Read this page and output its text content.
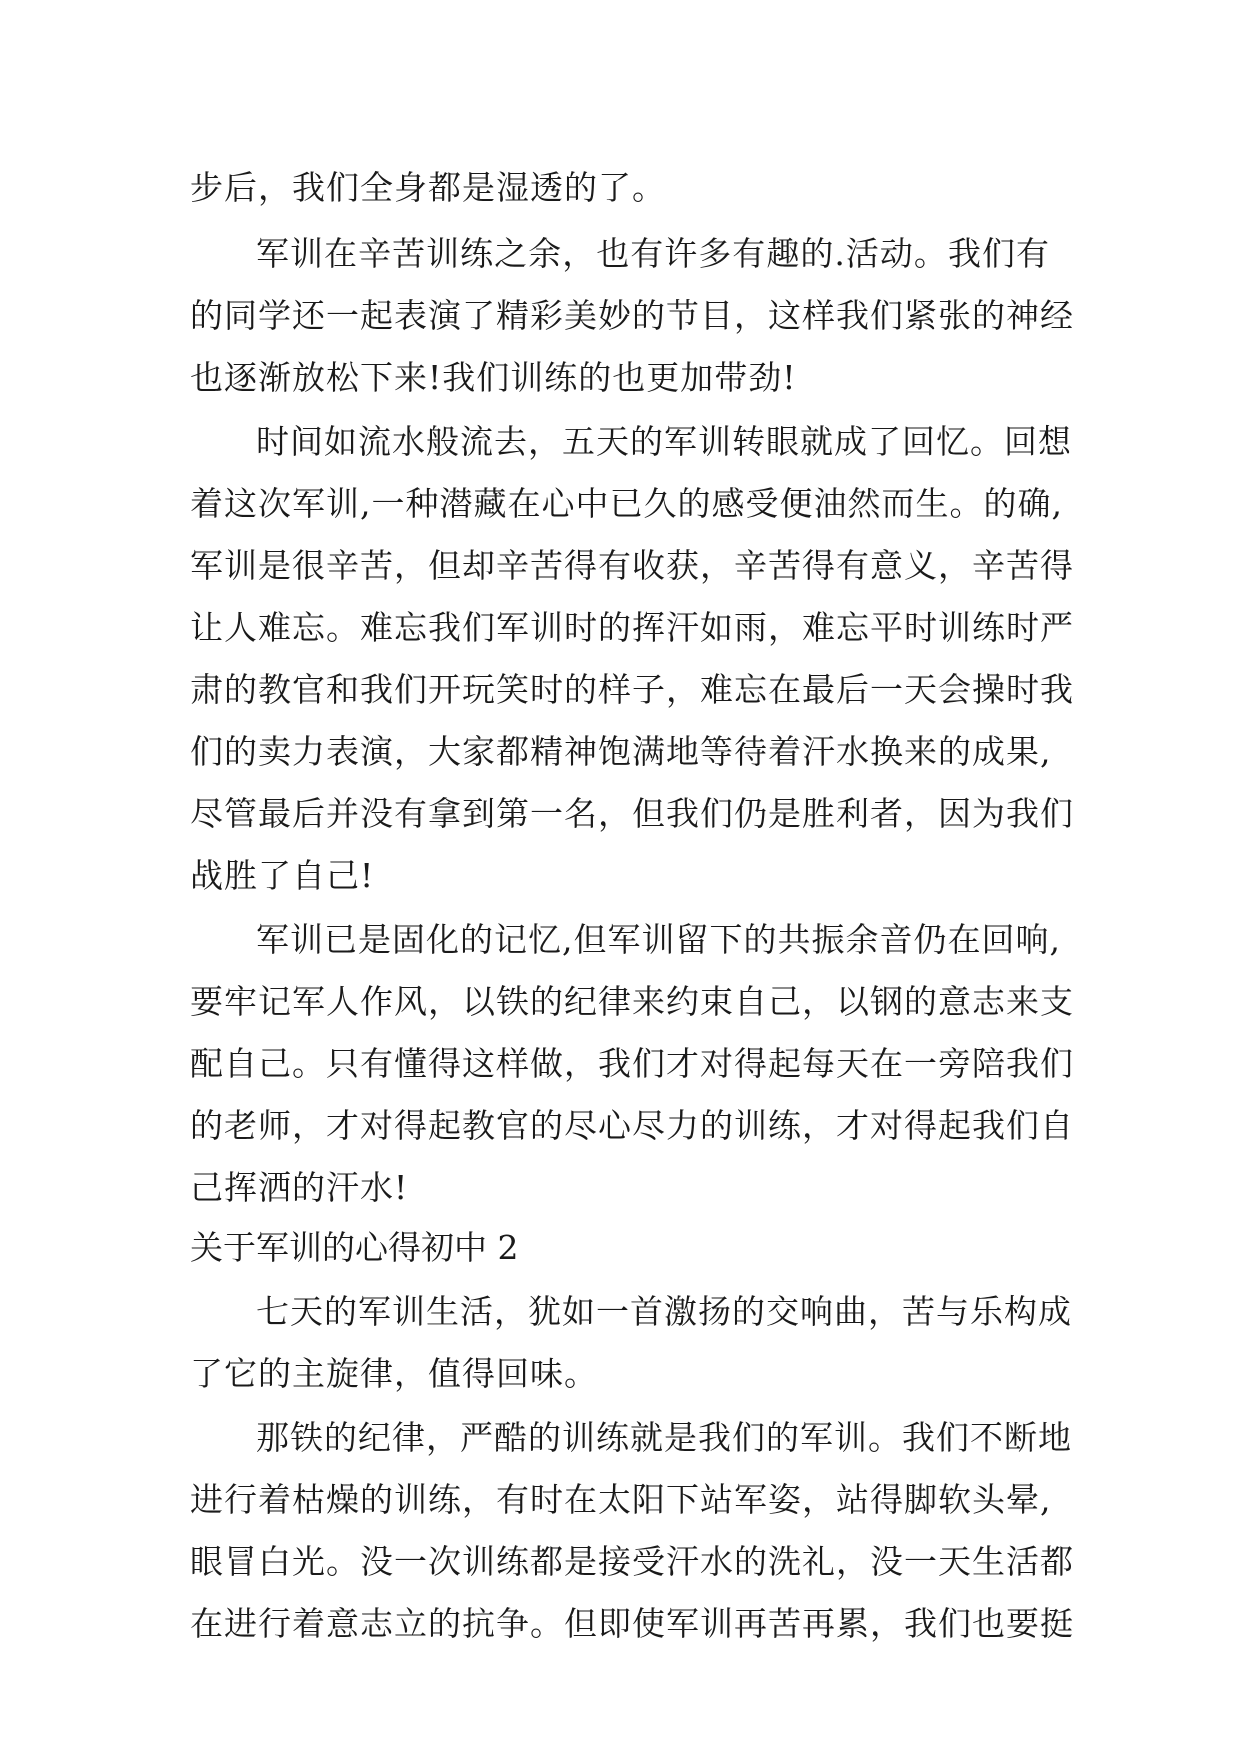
步后，我们全身都是湿透的了。
军训在辛苦训练之余，也有许多有趣的.活动。我们有
的同学还一起表演了精彩美妙的节目，这样我们紧张的神经
也逐渐放松下来!我们训练的也更加带劲!
时间如流水般流去，五天的军训转眼就成了回忆。回想
着这次军训,一种潜藏在心中已久的感受便油然而生。的确,
军训是很辛苦，但却辛苦得有收获，辛苦得有意义，辛苦得
让人难忘。难忘我们军训时的挥汗如雨，难忘平时训练时严
肃的教官和我们开玩笑时的样子，难忘在最后一天会操时我
们的卖力表演，大家都精神饱满地等待着汗水换来的成果,
尽管最后并没有拿到第一名，但我们仍是胜利者，因为我们
战胜了自己!
军训已是固化的记忆,但军训留下的共振余音仍在回响,
要牢记军人作风，以铁的纪律来约束自己，以钢的意志来支
配自己。只有懂得这样做，我们才对得起每天在一旁陪我们
的老师，才对得起教官的尽心尽力的训练，才对得起我们自
己挥洒的汗水!
关于军训的心得初中 2
七天的军训生活，犹如一首激扬的交响曲，苦与乐构成
了它的主旋律，值得回味。
那铁的纪律，严酷的训练就是我们的军训。我们不断地
进行着枯燥的训练，有时在太阳下站军姿，站得脚软头晕,
眼冒白光。没一次训练都是接受汗水的洗礼，没一天生活都
在进行着意志立的抗争。但即使军训再苦再累，我们也要挺
